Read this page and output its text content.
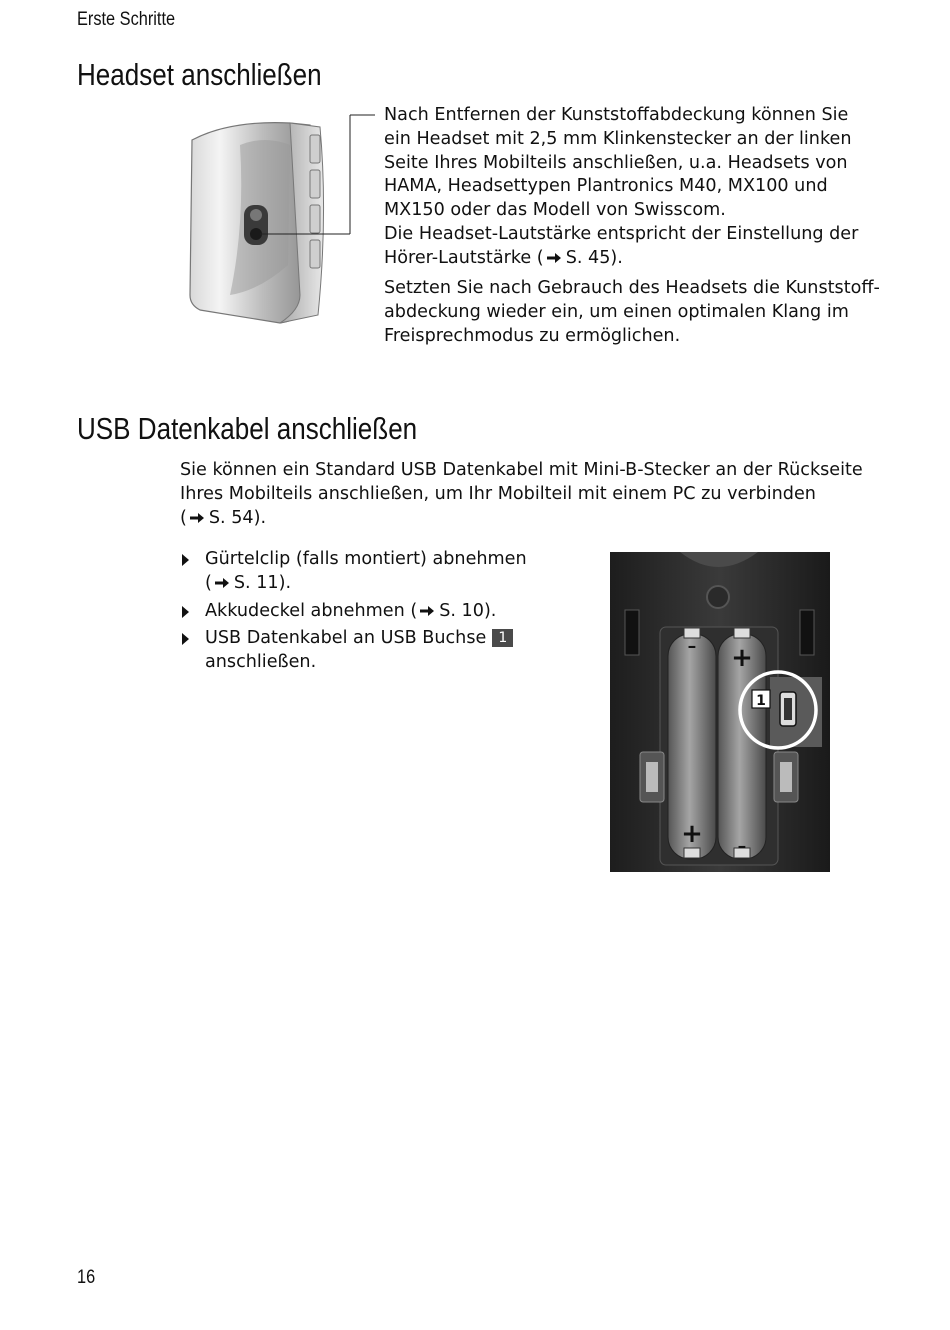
Erste Schritte
Headset anschließen

Nach Entfernen der Kunststoffabdeckung können Sie
ein Headset mit 2,5 mm Klinkenstecker an der linken
Seite Ihres Mobilteils anschließen, u.a. Headsets von
HAMA, Headsettypen Plantronics M40, MX100 und
MX150 oder das Modell von Swisscom.
Die Headset-Lautstärke entspricht der Einstellung der
Hörer-Lautstärke ( S. 45).

Setzten Sie nach Gebrauch des Headsets die Kunststoff-
abdeckung wieder ein, um einen optimalen Klang im
Freisprechmodus zu ermöglichen.

USB Datenkabel anschließen

Sie können ein Standard USB Datenkabel mit Mini-B-Stecker an der Rückseite
Ihres Mobilteils anschließen, um Ihr Mobilteil mit einem PC zu verbinden
( S. 54).

Gürtelclip (falls montiert) abnehmen
( S. 11).
Akkudeckel abnehmen ( S. 10).
USB Datenkabel an USB Buchse 1
anschließen.
- +
+ -
1
16
